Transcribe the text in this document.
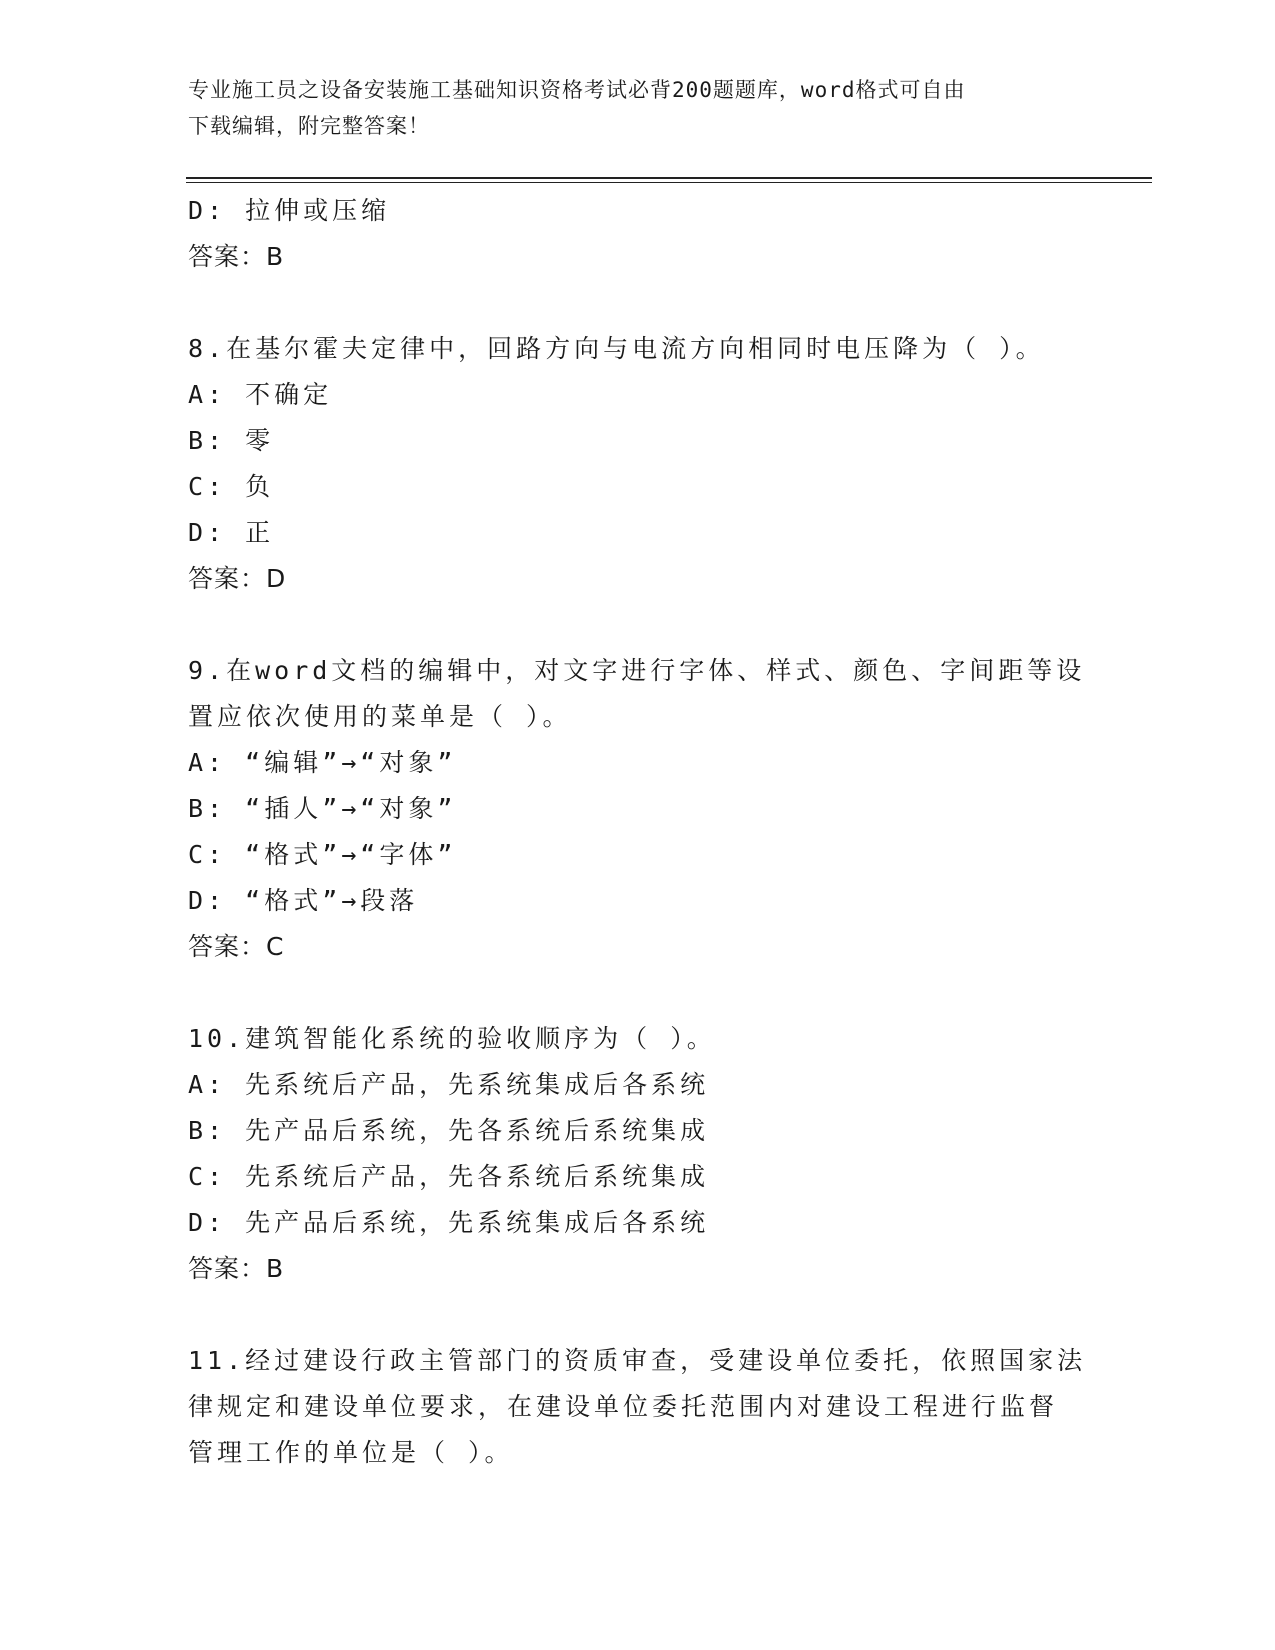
专业施工员之设备安装施工基础知识资格考试必背200题题库，word格式可自由
下载编辑，附完整答案！
D: 拉伸或压缩
答案：B
8.在基尔霍夫定律中，回路方向与电流方向相同时电压降为（ ）。
A: 不确定
B: 零
C: 负
D: 正
答案：D
9.在word文档的编辑中，对文字进行字体、样式、颜色、字间距等设
置应依次使用的菜单是（ ）。
A: “编辑”→“对象”
B: “插人”→“对象”
C: “格式”→“字体”
D: “格式”→段落
答案：C
10.建筑智能化系统的验收顺序为（ ）。
A: 先系统后产品，先系统集成后各系统
B: 先产品后系统，先各系统后系统集成
C: 先系统后产品，先各系统后系统集成
D: 先产品后系统，先系统集成后各系统
答案：B
11.经过建设行政主管部门的资质审查，受建设单位委托，依照国家法
律规定和建设单位要求，在建设单位委托范围内对建设工程进行监督
管理工作的单位是（ ）。
